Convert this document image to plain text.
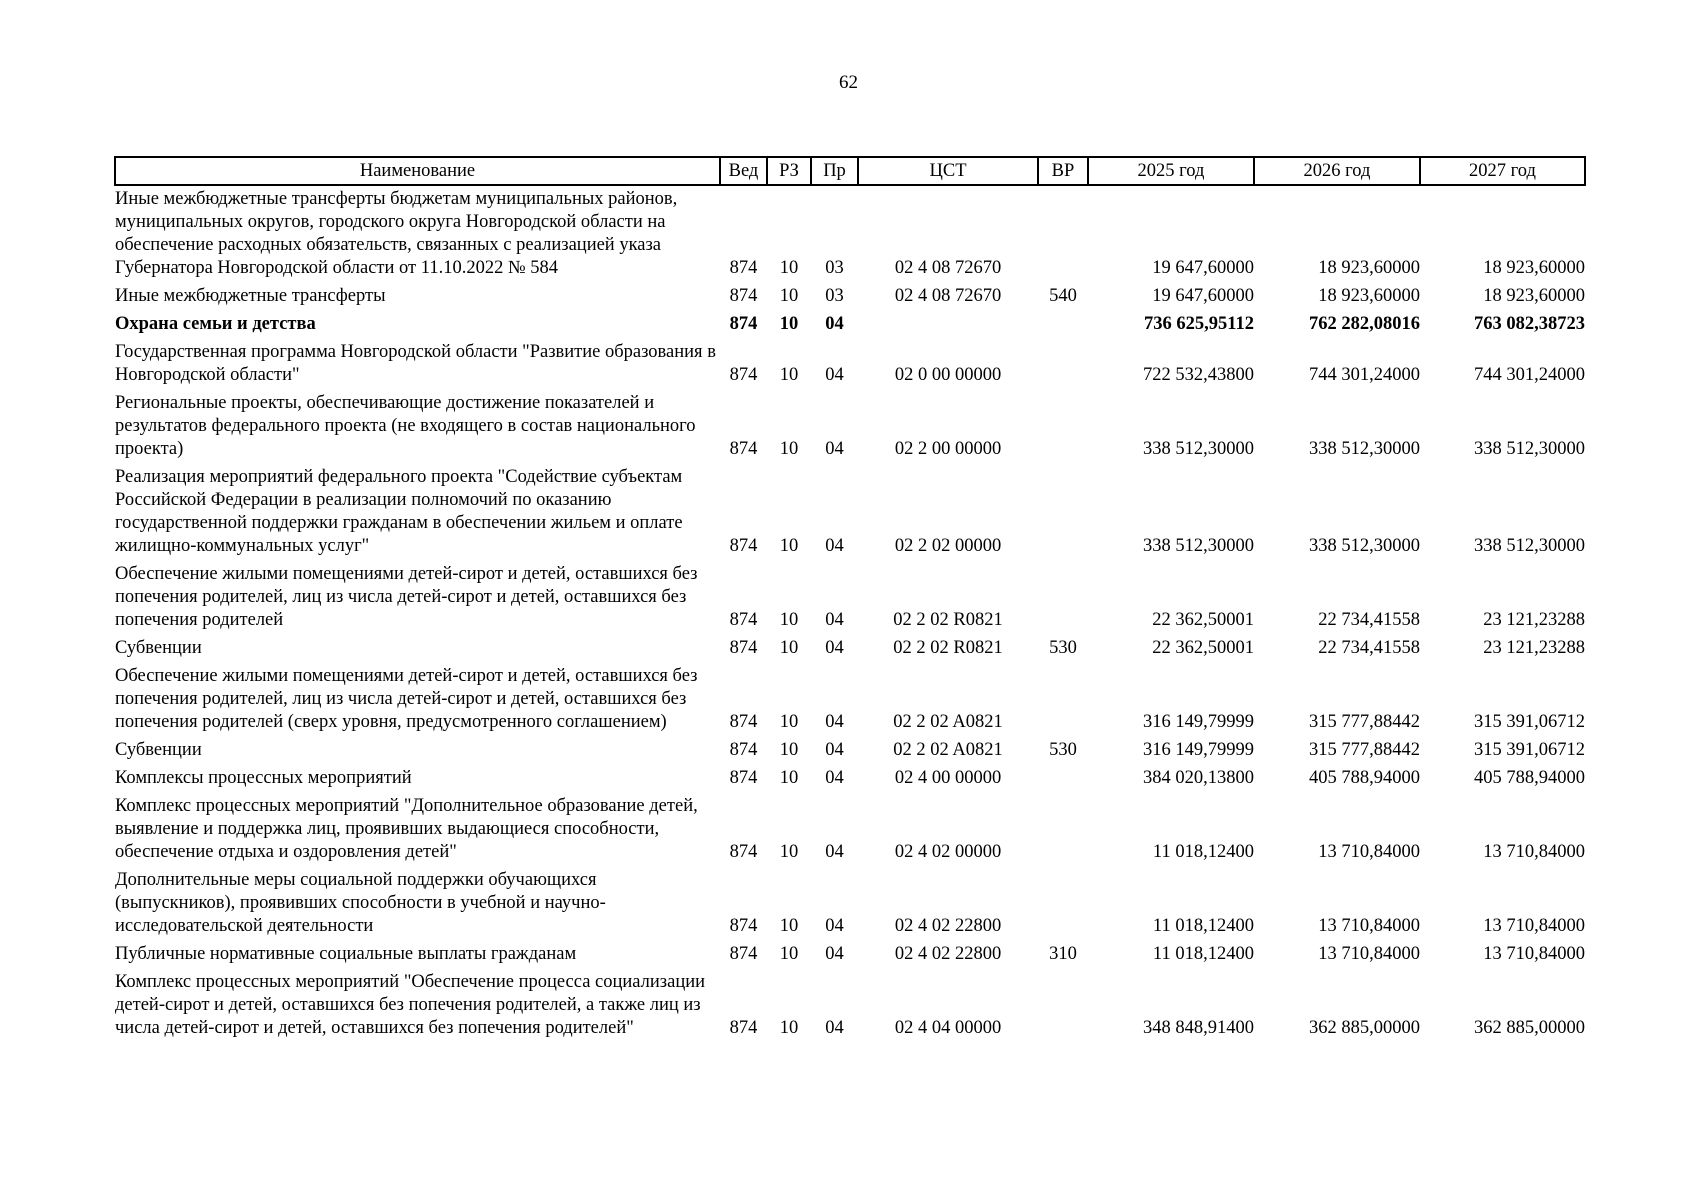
62
Наименование	Вед	РЗ	Пр	ЦСТ	ВР	2025 год	2026 год	2027 год
Иные межбюджетные трансферты бюджетам муниципальных районов, муниципальных округов, городского округа Новгородской области на обеспечение расходных обязательств, связанных с реализацией указа Губернатора Новгородской области от 11.10.2022 № 584	874	10	03	02 4 08 72670		19 647,60000	18 923,60000	18 923,60000
Иные межбюджетные трансферты	874	10	03	02 4 08 72670	540	19 647,60000	18 923,60000	18 923,60000
Охрана семьи и детства	874	10	04			736 625,95112	762 282,08016	763 082,38723
Государственная программа Новгородской области "Развитие образования в Новгородской области"	874	10	04	02 0 00 00000		722 532,43800	744 301,24000	744 301,24000
Региональные проекты, обеспечивающие достижение показателей и результатов федерального проекта (не входящего в состав национального проекта)	874	10	04	02 2 00 00000		338 512,30000	338 512,30000	338 512,30000
Реализация мероприятий федерального проекта "Содействие субъектам Российской Федерации в реализации полномочий по оказанию государственной поддержки гражданам в обеспечении жильем и оплате жилищно-коммунальных услуг"	874	10	04	02 2 02 00000		338 512,30000	338 512,30000	338 512,30000
Обеспечение жилыми помещениями детей-сирот и детей, оставшихся без попечения родителей, лиц из числа детей-сирот и детей, оставшихся без попечения родителей	874	10	04	02 2 02 R0821		22 362,50001	22 734,41558	23 121,23288
Субвенции	874	10	04	02 2 02 R0821	530	22 362,50001	22 734,41558	23 121,23288
Обеспечение жилыми помещениями детей-сирот и детей, оставшихся без попечения родителей, лиц из числа детей-сирот и детей, оставшихся без попечения родителей (сверх уровня, предусмотренного соглашением)	874	10	04	02 2 02 A0821		316 149,79999	315 777,88442	315 391,06712
Субвенции	874	10	04	02 2 02 A0821	530	316 149,79999	315 777,88442	315 391,06712
Комплексы процессных мероприятий	874	10	04	02 4 00 00000		384 020,13800	405 788,94000	405 788,94000
Комплекс процессных мероприятий "Дополнительное образование детей, выявление и поддержка лиц, проявивших выдающиеся способности, обеспечение отдыха и оздоровления детей"	874	10	04	02 4 02 00000		11 018,12400	13 710,84000	13 710,84000
Дополнительные меры социальной поддержки обучающихся (выпускников), проявивших способности в учебной и научно-исследовательской деятельности	874	10	04	02 4 02 22800		11 018,12400	13 710,84000	13 710,84000
Публичные нормативные социальные выплаты гражданам	874	10	04	02 4 02 22800	310	11 018,12400	13 710,84000	13 710,84000
Комплекс процессных мероприятий "Обеспечение процесса социализации детей-сирот и детей, оставшихся без попечения родителей, а также лиц из числа детей-сирот и детей, оставшихся без попечения родителей"	874	10	04	02 4 04 00000		348 848,91400	362 885,00000	362 885,00000
